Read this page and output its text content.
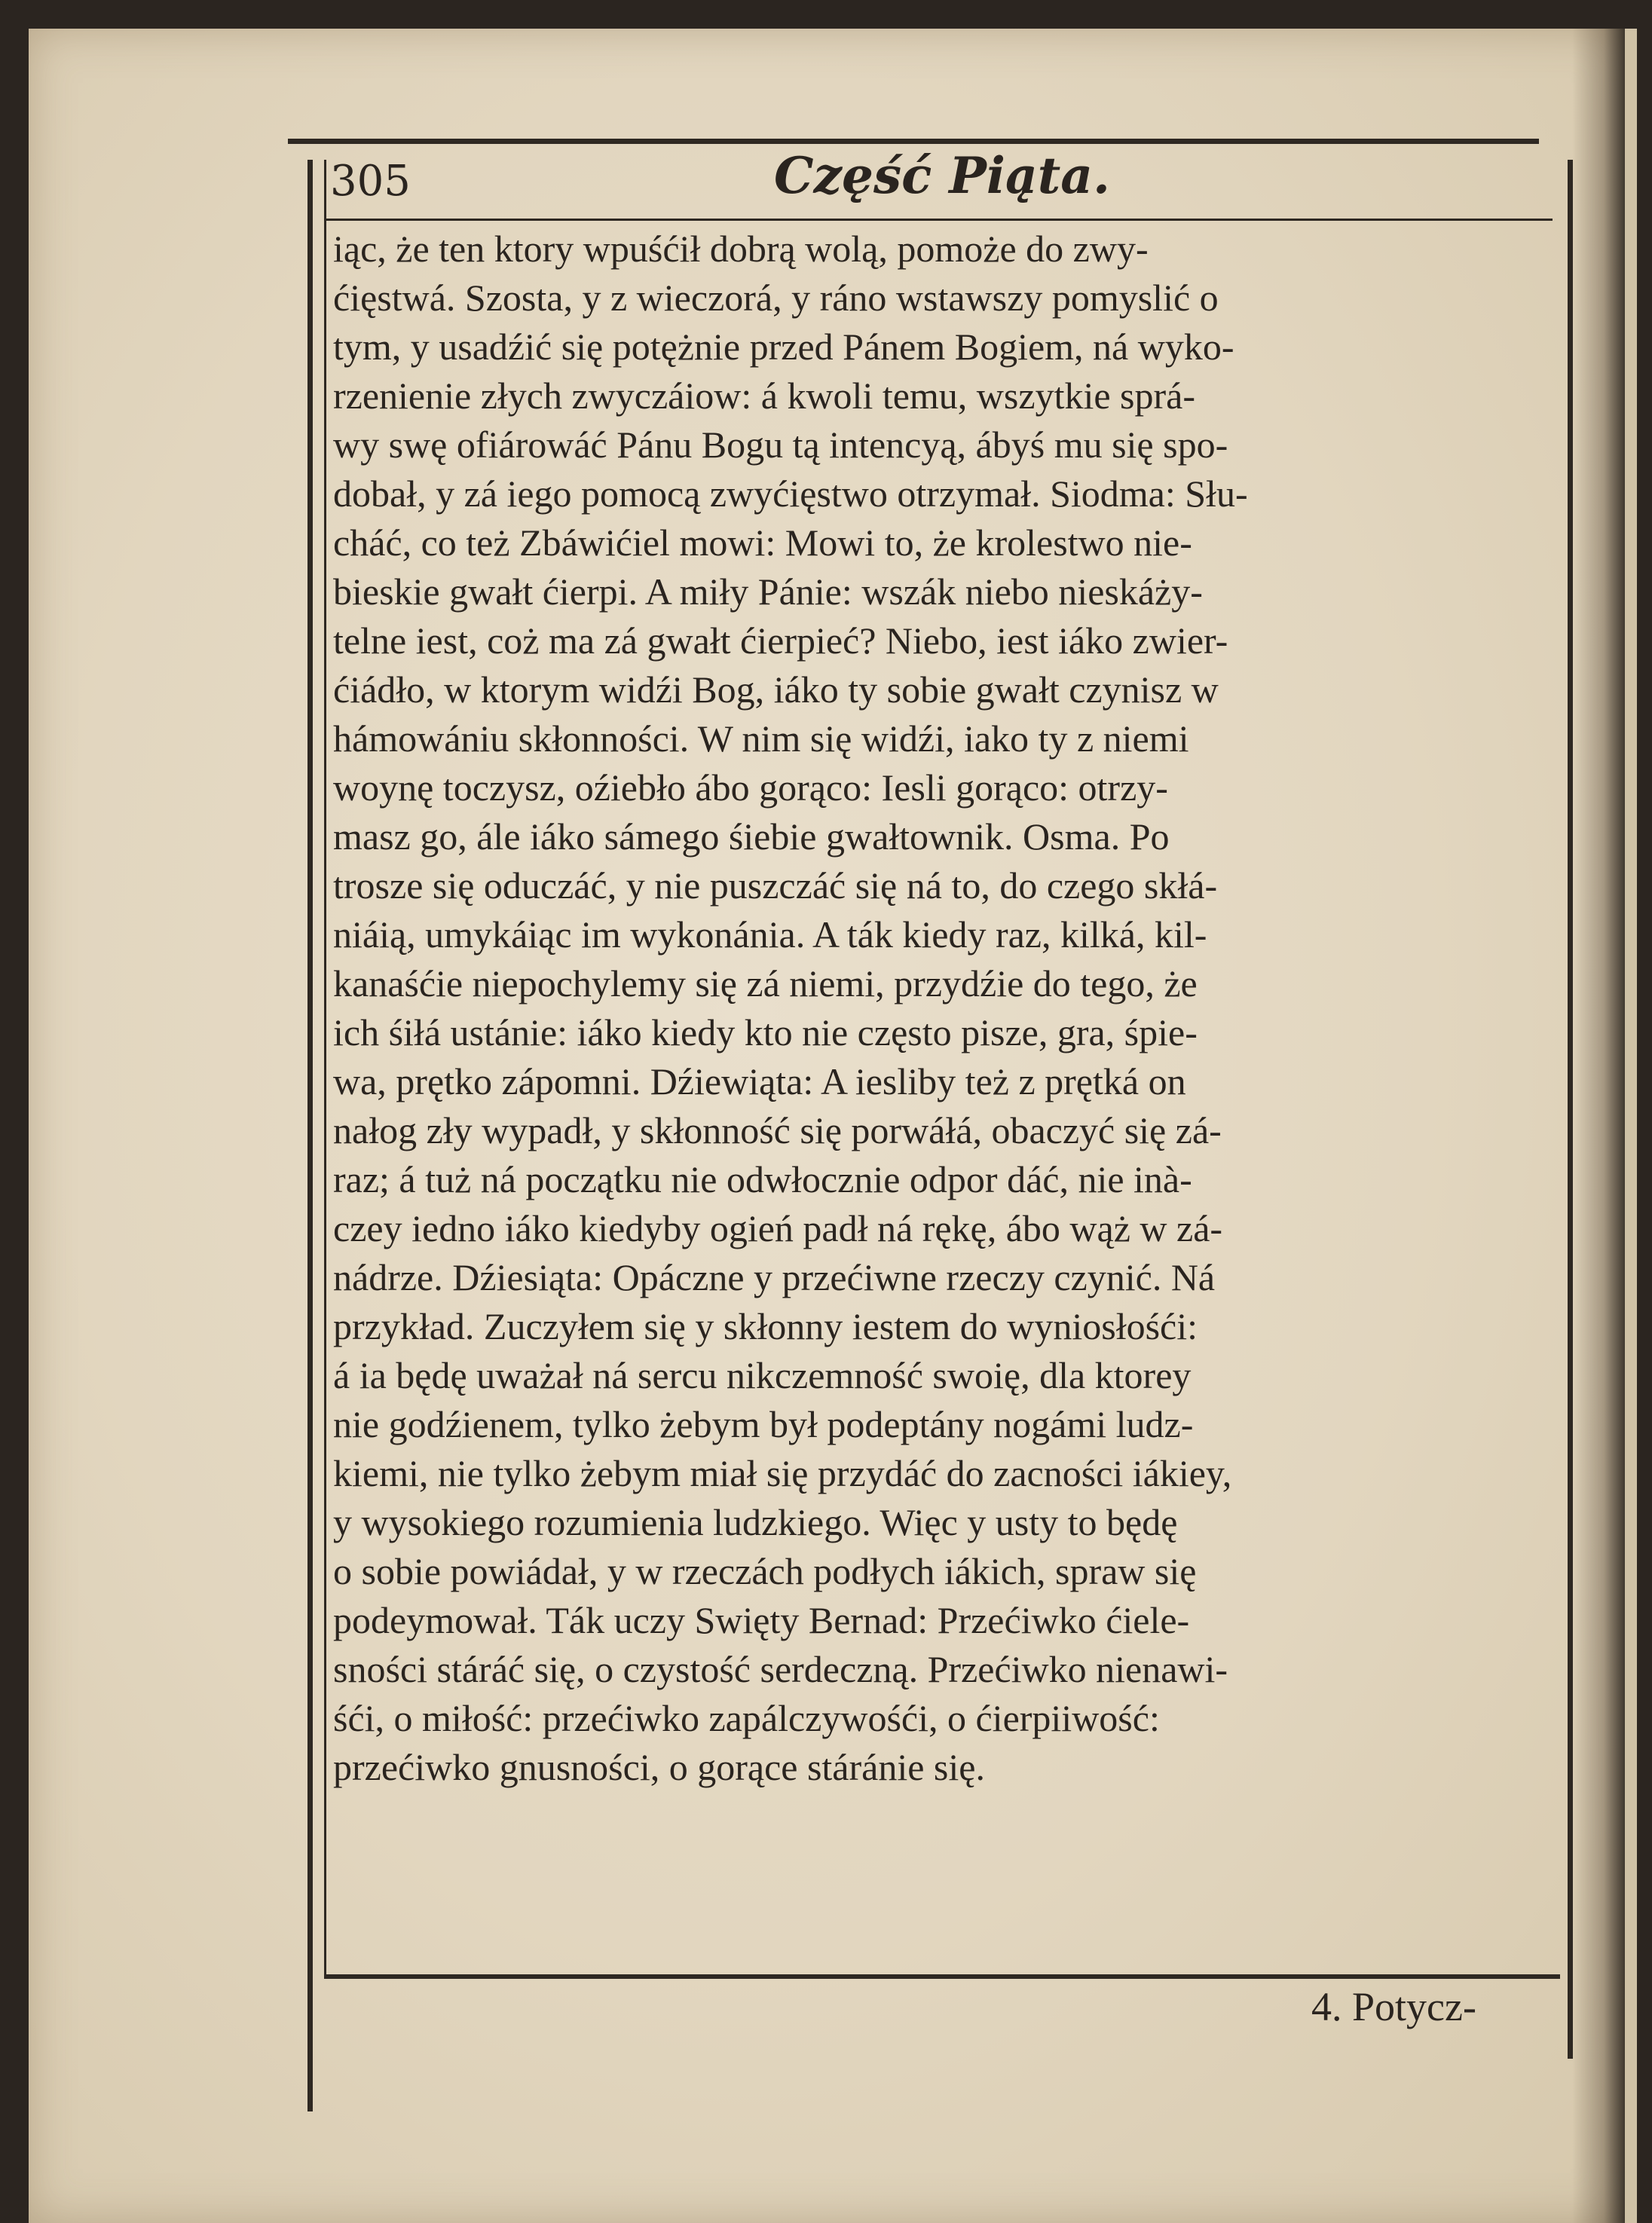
305	Część Piąta.
iąc, że ten ktory wpuśćił dobrą wolą, pomoże do zwy-
ćięstwá. Szosta, y z wieczorá, y ráno wstawszy pomyslić o
tym, y usadźić się potężnie przed Pánem Bogiem, ná wyko-
rzenienie złych zwyczáiow: á kwoli temu, wszytkie sprá-
wy swę ofiárowáć Pánu Bogu tą intencyą, ábyś mu się spo-
dobał, y zá iego pomocą zwyćięstwo otrzymał. Siodma: Słu-
cháć, co też Zbáwićiel mowi: Mowi to, że krolestwo nie-
bieskie gwałt ćierpi. A miły Pánie: wszák niebo nieskáży-
telne iest, coż ma zá gwałt ćierpieć? Niebo, iest iáko zwier-
ćiádło, w ktorym widźi Bog, iáko ty sobie gwałt czynisz w
hámowániu skłonności. W nim się widźi, iako ty z niemi
woynę toczysz, oźiebło ábo gorąco: Iesli gorąco: otrzy-
masz go, ále iáko sámego śiebie gwałtownik. Osma. Po
trosze się oduczáć, y nie puszczáć się ná to, do czego skłá-
niáią, umykáiąc im wykonánia. A ták kiedy raz, kilká, kil-
kanaśćie niepochylemy się zá niemi, przydźie do tego, że
ich śiłá ustánie: iáko kiedy kto nie często pisze, gra, śpie-
wa, prętko zápomni. Dźiewiąta: A iesliby też z prętká on
nałog zły wypadł, y skłonność się porwáłá, obaczyć się zá-
raz; á tuż ná początku nie odwłocznie odpor dáć, nie inà-
czey iedno iáko kiedyby ogień padł ná rękę, ábo wąż w zá-
nádrze. Dźiesiąta: Opáczne y przećiwne rzeczy czynić. Ná
przykład. Zuczyłem się y skłonny iestem do wyniosłośći:
á ia będę uważał ná sercu nikczemność swoię, dla ktorey
nie godźienem, tylko żebym był podeptány nogámi ludz-
kiemi, nie tylko żebym miał się przydáć do zacności iákiey,
y wysokiego rozumienia ludzkiego. Więc y usty to będę
o sobie powiádał, y w rzeczách podłych iákich, spraw się
podeymował. Ták uczy Swięty Bernad: Przećiwko ćiele-
sności stáráć się, o czystość serdeczną. Przećiwko nienawi-
śći, o miłość: przećiwko zapálczywośći, o ćierpiiwość:
przećiwko gnusności, o gorące stáránie się.
4. Potycz-
